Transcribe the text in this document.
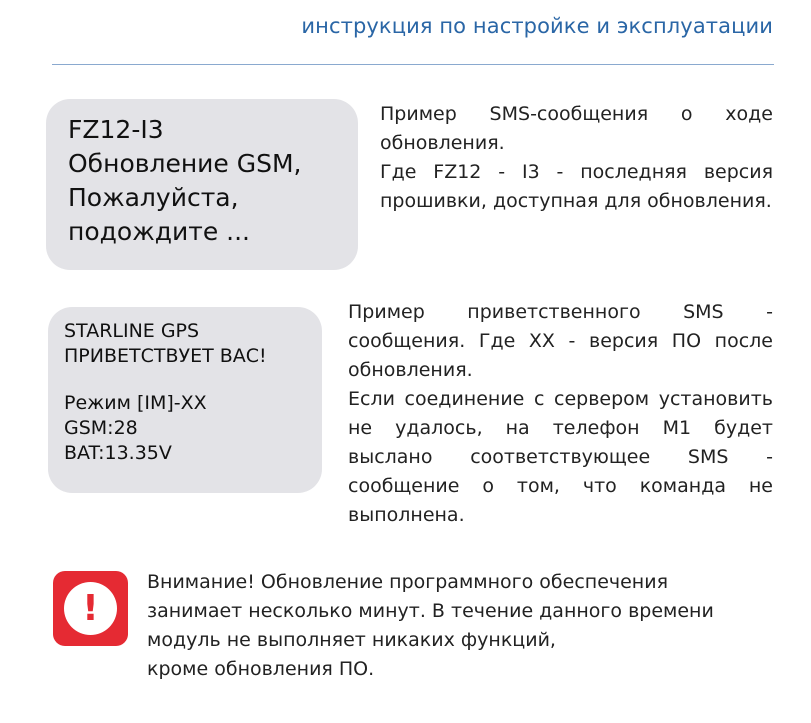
инструкция по настройке и эксплуатации
FZ12-I3
Обновление GSM,
Пожалуйста,
подождите ...

Пример SMS-сообщения о ходе обновления.

Где FZ12 - I3 - последняя версия прошивки, доступная для обновления.

STARLINE GPS
ПРИВЕТСТВУЕТ ВАС!
Режим [IM]-XX
GSM:28
BAT:13.35V

Пример приветственного SMS - сообщения. Где XX - версия ПО после обновления.

Если соединение с сервером установить не удалось, на телефон М1 будет выслано соответствующее SMS - сообщение о том, что команда не выполнена.

!
Внимание! Обновление программного обеспечения
занимает несколько минут. В течение данного времени
модуль не выполняет никаких функций,
кроме обновления ПО.
